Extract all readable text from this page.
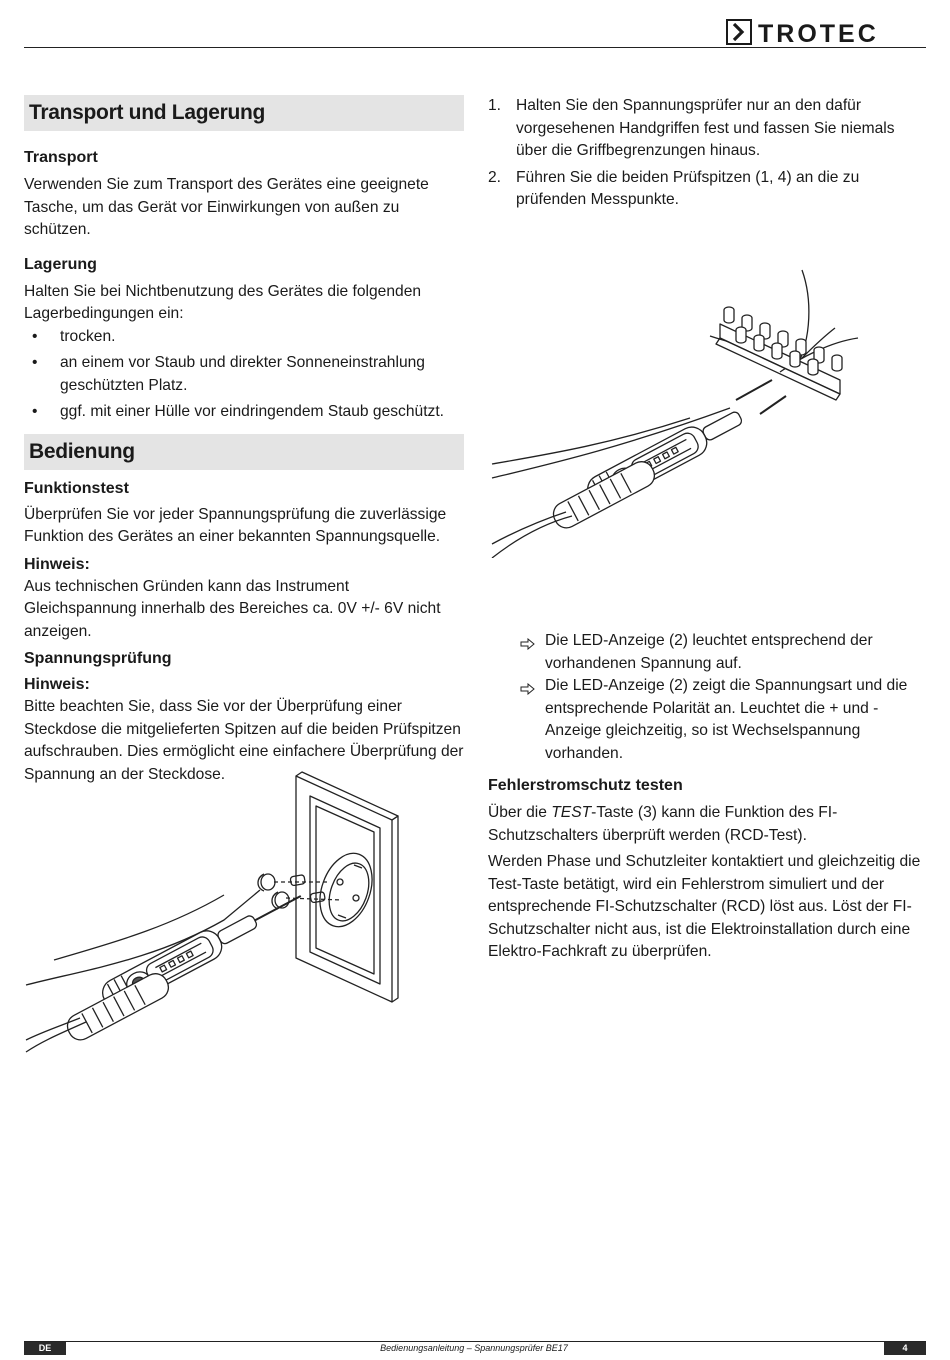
TROTEC
Transport und Lagerung
Transport

Verwenden Sie zum Transport des Gerätes eine geeignete Tasche, um das Gerät vor Einwirkungen von außen zu schützen.

Lagerung

Halten Sie bei Nichtbenutzung des Gerätes die folgenden Lagerbedingungen ein:

• trocken.
• an einem vor Staub und direkter Sonneneinstrahlung geschützten Platz.
• ggf. mit einer Hülle vor eindringendem Staub geschützt.
Bedienung
Funktionstest

Überprüfen Sie vor jeder Spannungsprüfung die zuverlässige Funktion des Gerätes an einer bekannten Spannungsquelle.

Hinweis:

Aus technischen Gründen kann das Instrument Gleichspannung innerhalb des Bereiches ca. 0V +/- 6V nicht anzeigen.

Spannungsprüfung
Hinweis:

Bitte beachten Sie, dass Sie vor der Überprüfung einer Steckdose die mitgelieferten Spitzen auf die beiden Prüfspitzen aufschrauben. Dies ermöglicht eine einfachere Überprüfung der Spannung an der Steckdose.

1. Halten Sie den Spannungsprüfer nur an den dafür vorgesehenen Handgriffen fest und fassen Sie niemals über die Griffbegrenzungen hinaus.
2. Führen Sie die beiden Prüfspitzen (1, 4) an die zu prüfenden Messpunkte.
Die LED-Anzeige (2) leuchtet entsprechend der vorhandenen Spannung auf.
Die LED-Anzeige (2) zeigt die Spannungsart und die entsprechende Polarität an. Leuchtet die + und - Anzeige gleichzeitig, so ist Wechselspannung vorhanden.
Fehlerstromschutz testen

Über die TEST-Taste (3) kann die Funktion des FI-Schutzschalters überprüft werden (RCD-Test).

Werden Phase und Schutzleiter kontaktiert und gleichzeitig die Test-Taste betätigt, wird ein Fehlerstrom simuliert und der entsprechende FI-Schutzschalter (RCD) löst aus. Löst der FI-Schutzschalter nicht aus, ist die Elektroinstallation durch eine Elektro-Fachkraft zu überprüfen.

DE	Bedienungsanleitung – Spannungsprüfer BE17	4
